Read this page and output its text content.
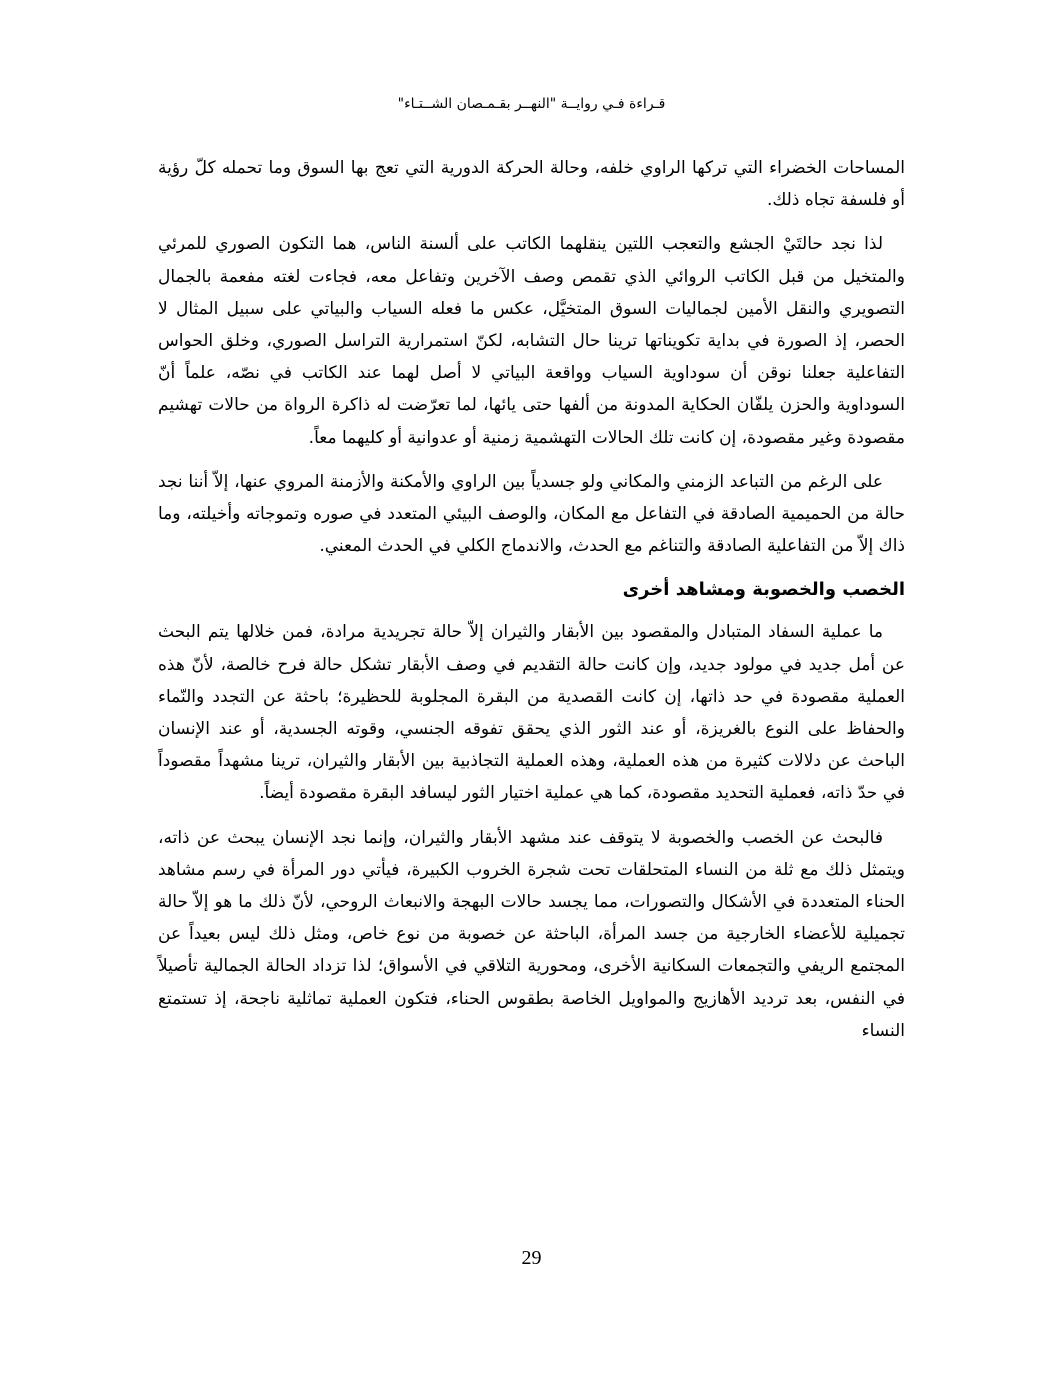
قـراءة فـي روايــة "النهــر بقـمـصان الشــتـاء"

المساحات الخضراء التي تركها الراوي خلفه، وحالة الحركة الدورية التي تعج بها السوق وما تحمله كلّ رؤية أو فلسفة تجاه ذلك.

لذا نجد حالتَيْ الجشع والتعجب اللتين ينقلهما الكاتب على ألسنة الناس، هما التكون الصوري للمرئي والمتخيل من قبل الكاتب الروائي الذي تقمص وصف الآخرين وتفاعل معه، فجاءت لغته مفعمة بالجمال التصويري والنقل الأمين لجماليات السوق المتخيَّل، عكس ما فعله السياب والبياتي على سبيل المثال لا الحصر، إذ الصورة في بداية تكويناتها ترينا حال التشابه، لكنّ استمرارية التراسل الصوري، وخلق الحواس التفاعلية جعلنا نوقن أن سوداوية السياب وواقعة البياتي لا أصل لهما عند الكاتب في نصّه، علماً أنّ السوداوية والحزن يلفّان الحكاية المدونة من ألفها حتى يائها، لما تعرّضت له ذاكرة الرواة من حالات تهشيم مقصودة وغير مقصودة، إن كانت تلك الحالات التهشمية زمنية أو عدوانية أو كليهما معاً.

على الرغم من التباعد الزمني والمكاني ولو جسدياً بين الراوي والأمكنة والأزمنة المروي عنها، إلاّ أننا نجد حالة من الحميمية الصادقة في التفاعل مع المكان، والوصف البيئي المتعدد في صوره وتموجاته وأخيلته، وما ذاك إلاّ من التفاعلية الصادقة والتناغم مع الحدث، والاندماج الكلي في الحدث المعني.

الخصب والخصوبة ومشاهد أخرى

ما عملية السفاد المتبادل والمقصود بين الأبقار والثيران إلاّ حالة تجريدية مرادة، فمن خلالها يتم البحث عن أمل جديد في مولود جديد، وإن كانت حالة التقديم في وصف الأبقار تشكل حالة فرح خالصة، لأنّ هذه العملية مقصودة في حد ذاتها، إن كانت القصدية من البقرة المجلوبة للحظيرة؛ باحثة عن التجدد والنّماء والحفاظ على النوع بالغريزة، أو عند الثور الذي يحقق تفوقه الجنسي، وقوته الجسدية، أو عند الإنسان الباحث عن دلالات كثيرة من هذه العملية، وهذه العملية التجاذبية بين الأبقار والثيران، ترينا مشهداً مقصوداً في حدّ ذاته، فعملية التحديد مقصودة، كما هي عملية اختيار الثور ليسافد البقرة مقصودة أيضاً.

فالبحث عن الخصب والخصوبة لا يتوقف عند مشهد الأبقار والثيران، وإنما نجد الإنسان يبحث عن ذاته، ويتمثل ذلك مع ثلة من النساء المتحلقات تحت شجرة الخروب الكبيرة، فيأتي دور المرأة في رسم مشاهد الحناء المتعددة في الأشكال والتصورات، مما يجسد حالات البهجة والانبعاث الروحي، لأنّ ذلك ما هو إلاّ حالة تجميلية للأعضاء الخارجية من جسد المرأة، الباحثة عن خصوبة من نوع خاص، ومثل ذلك ليس بعيداً عن المجتمع الريفي والتجمعات السكانية الأخرى، ومحورية التلاقي في الأسواق؛ لذا تزداد الحالة الجمالية تأصيلاً في النفس، بعد ترديد الأهازيج والمواويل الخاصة بطقوس الحناء، فتكون العملية تماثلية ناجحة، إذ تستمتع النساء

29
